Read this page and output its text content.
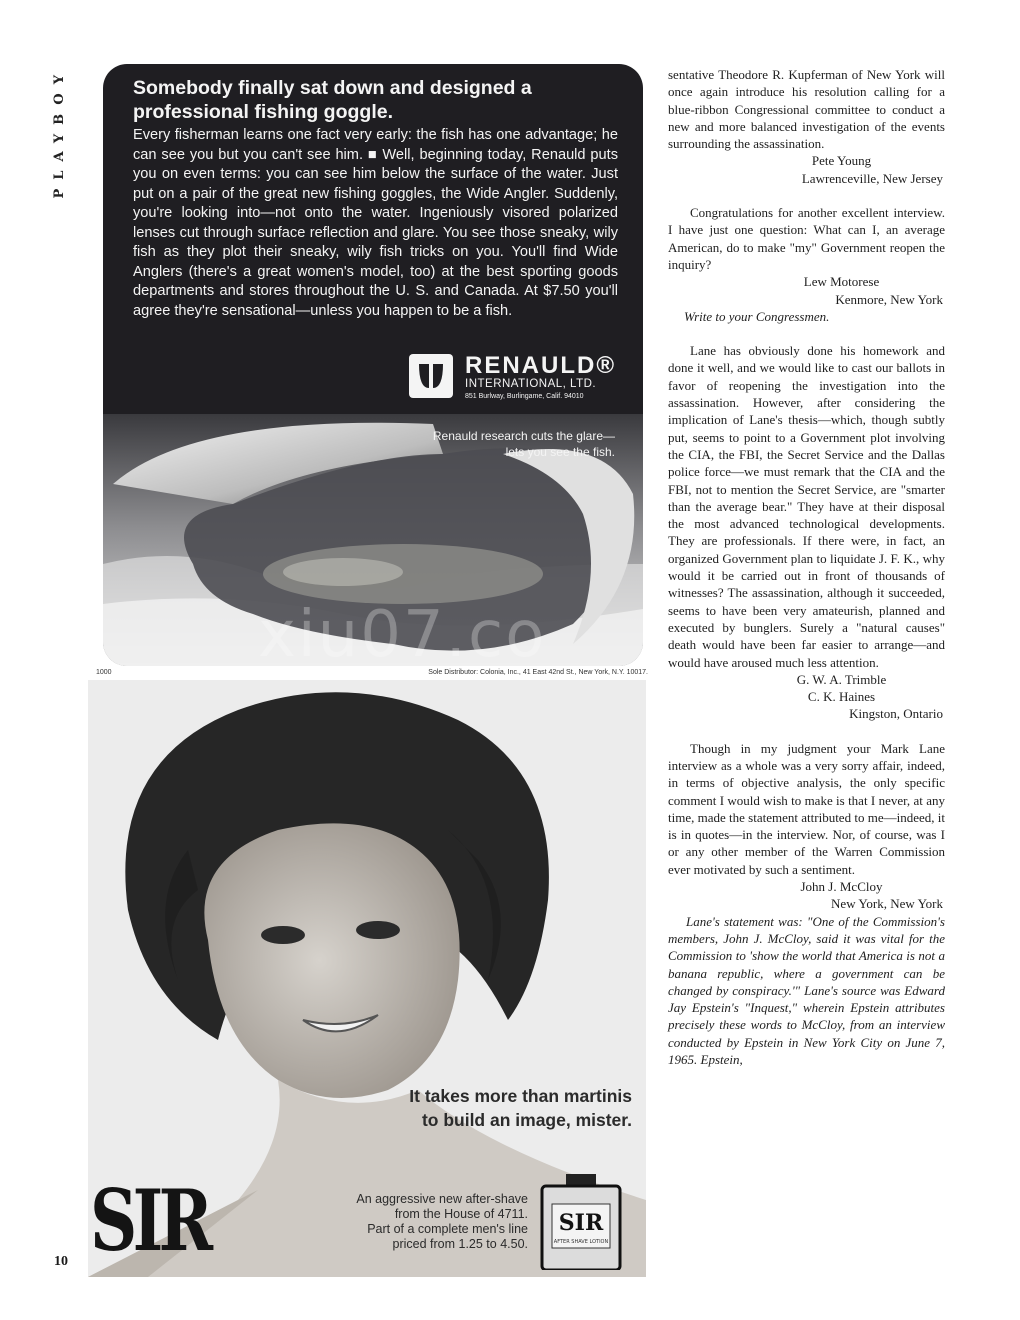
PLAYBOY	Somebody finally sat down and designed a professional fishing goggle.
Every fisherman learns one fact very early: the fish has one advantage; he can see you but you can't see him. ■ Well, beginning today, Renauld puts you on even terms: you can see him below the surface of the water. Just put on a pair of the great new fishing goggles, the Wide Angler. Suddenly, you're looking into—not onto the water. Ingeniously visored polarized lenses cut through surface reflection and glare. You see those sneaky, wily fish as they plot their sneaky, wily fish tricks on you. You'll find Wide Anglers (there's a great women's model, too) at the best sporting goods departments and stores throughout the U. S. and Canada. At $7.50 you'll agree they're sensational—unless you happen to be a fish.
RENAULD®
INTERNATIONAL, LTD.
851 Burlway, Burlingame, Calif. 94010
Renauld research cuts the glare—
lets you see the fish.
1000	Sole Distributor: Colonia, Inc., 41 East 42nd St., New York, N.Y. 10017.
It takes more than martinis
to build an image, mister.
SIR	An aggressive new after-shave
from the House of 4711.
Part of a complete men's line
priced from 1.25 to 4.50.
SIR
AFTER SHAVE LOTION
xiu07.co

sentative Theodore R. Kupferman of New York will once again introduce his resolution calling for a blue-ribbon Congressional committee to conduct a new and more balanced investigation of the events surrounding the assassination.

Pete Young
Lawrenceville, New Jersey

Congratulations for another excellent interview. I have just one question: What can I, an average American, do to make "my" Government reopen the inquiry?

Lew Motorese
Kenmore, New York
Write to your Congressmen.

Lane has obviously done his homework and done it well, and we would like to cast our ballots in favor of reopening the investigation into the assassination. However, after considering the implication of Lane's thesis—which, though subtly put, seems to point to a Government plot involving the CIA, the FBI, the Secret Service and the Dallas police force—we must remark that the CIA and the FBI, not to mention the Secret Service, are "smarter than the average bear." They have at their disposal the most advanced technological developments. They are professionals. If there were, in fact, an organized Government plan to liquidate J. F. K., why would it be carried out in front of thousands of witnesses? The assassination, although it succeeded, seems to have been very amateurish, planned and executed by bunglers. Surely a "natural causes" death would have been far easier to arrange—and would have aroused much less attention.

G. W. A. Trimble
C. K. Haines
Kingston, Ontario

Though in my judgment your Mark Lane interview as a whole was a very sorry affair, indeed, in terms of objective analysis, the only specific comment I would wish to make is that I never, at any time, made the statement attributed to me—indeed, it is in quotes—in the interview. Nor, of course, was I or any other member of the Warren Commission ever motivated by such a sentiment.

John J. McCloy
New York, New York

Lane's statement was: "One of the Commission's members, John J. McCloy, said it was vital for the Commission to 'show the world that America is not a banana republic, where a government can be changed by conspiracy.'" Lane's source was Edward Jay Epstein's "Inquest," wherein Epstein attributes precisely these words to McCloy, from an interview conducted by Epstein in New York City on June 7, 1965. Epstein,

10
